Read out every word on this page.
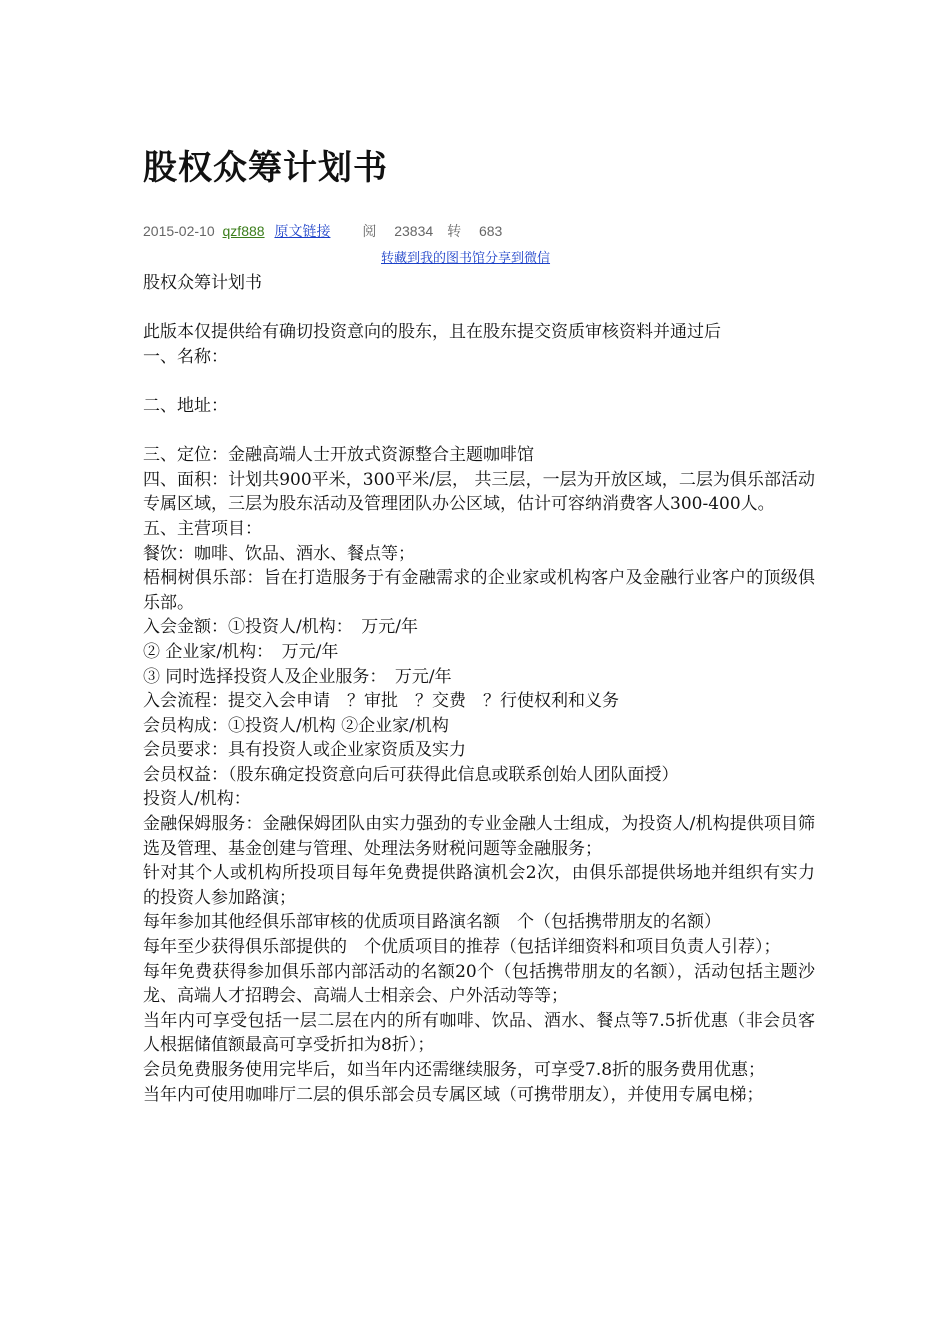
股权众筹计划书
2015-02-10 qzf888 原文链接 阅 23834 转 683
转藏到我的图书馆分享到微信

股权众筹计划书

此版本仅提供给有确切投资意向的股东，且在股东提交资质审核资料并通过后

一、名称：

二、地址：

三、定位：金融高端人士开放式资源整合主题咖啡馆

四、面积：计划共900平米，300平米/层， 共三层，一层为开放区域，二层为俱乐部活动专属区域，三层为股东活动及管理团队办公区域，估计可容纳消费客人300-400人。

五、主营项目：

餐饮：咖啡、饮品、酒水、餐点等；

梧桐树俱乐部：旨在打造服务于有金融需求的企业家或机构客户及金融行业客户的顶级俱乐部。

入会金额：①投资人/机构：　万元/年

② 企业家/机构：　万元/年

③ 同时选择投资人及企业服务：　万元/年

入会流程：提交入会申请　？审批　？交费　？行使权利和义务

会员构成：①投资人/机构 ②企业家/机构

会员要求：具有投资人或企业家资质及实力

会员权益：（股东确定投资意向后可获得此信息或联系创始人团队面授）

投资人/机构：

金融保姆服务：金融保姆团队由实力强劲的专业金融人士组成，为投资人/机构提供项目筛选及管理、基金创建与管理、处理法务财税问题等金融服务；

针对其个人或机构所投项目每年免费提供路演机会2次，由俱乐部提供场地并组织有实力的投资人参加路演；

每年参加其他经俱乐部审核的优质项目路演名额　个（包括携带朋友的名额）

每年至少获得俱乐部提供的　个优质项目的推荐（包括详细资料和项目负责人引荐）；

每年免费获得参加俱乐部内部活动的名额20个（包括携带朋友的名额），活动包括主题沙龙、高端人才招聘会、高端人士相亲会、户外活动等等；

当年内可享受包括一层二层在内的所有咖啡、饮品、酒水、餐点等7.5折优惠（非会员客人根据储值额最高可享受折扣为8折）；

会员免费服务使用完毕后，如当年内还需继续服务，可享受7.8折的服务费用优惠；

当年内可使用咖啡厅二层的俱乐部会员专属区域（可携带朋友），并使用专属电梯；
